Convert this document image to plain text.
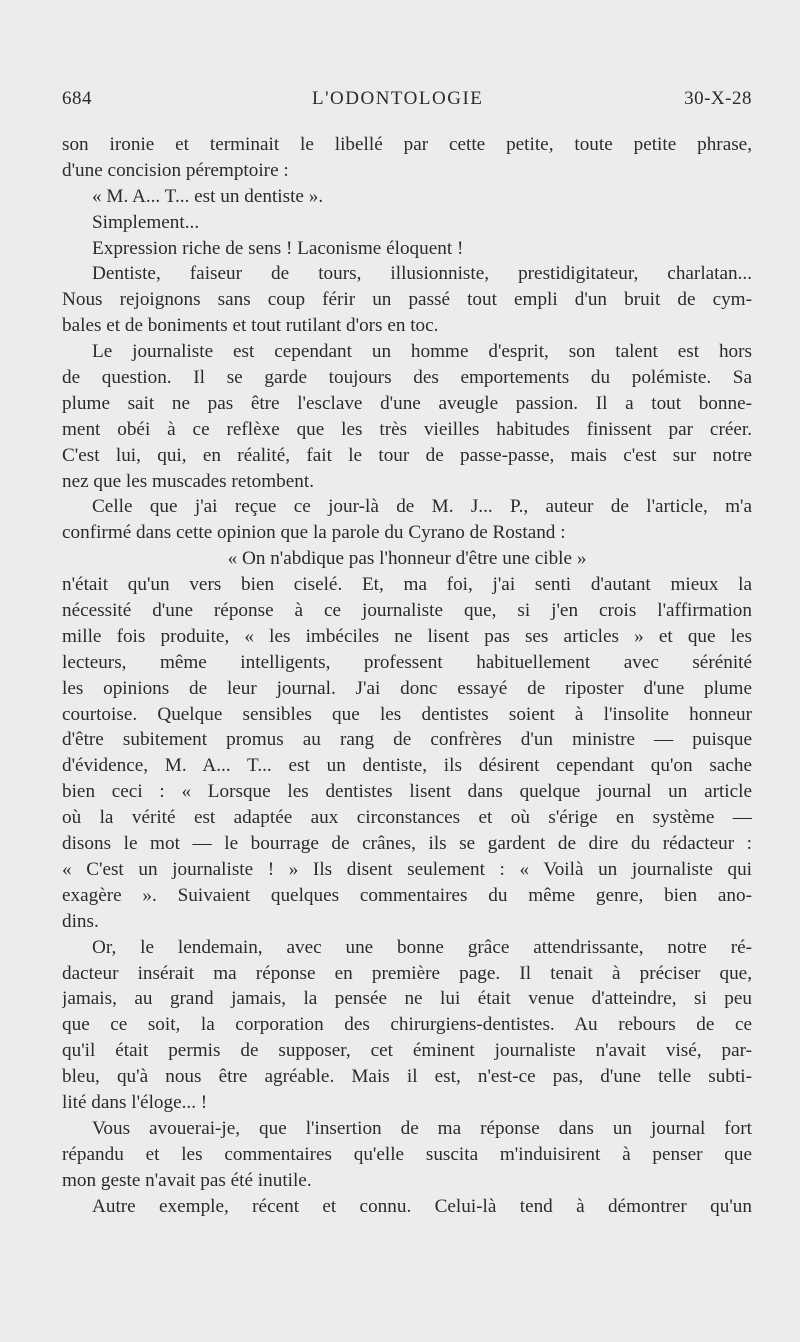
684	L'ODONTOLOGIE	30-X-28
son ironie et terminait le libellé par cette petite, toute petite phrase,
d'une concision péremptoire :
« M. A... T... est un dentiste ».
Simplement...
Expression riche de sens ! Laconisme éloquent !
Dentiste, faiseur de tours, illusionniste, prestidigitateur, charlatan...
Nous rejoignons sans coup férir un passé tout empli d'un bruit de cym-
bales et de boniments et tout rutilant d'ors en toc.
Le journaliste est cependant un homme d'esprit, son talent est hors
de question. Il se garde toujours des emportements du polémiste. Sa
plume sait ne pas être l'esclave d'une aveugle passion. Il a tout bonne-
ment obéi à ce reflèxe que les très vieilles habitudes finissent par créer.
C'est lui, qui, en réalité, fait le tour de passe-passe, mais c'est sur notre
nez que les muscades retombent.
Celle que j'ai reçue ce jour-là de M. J... P., auteur de l'article, m'a
confirmé dans cette opinion que la parole du Cyrano de Rostand :
« On n'abdique pas l'honneur d'être une cible »
n'était qu'un vers bien ciselé. Et, ma foi, j'ai senti d'autant mieux la
nécessité d'une réponse à ce journaliste que, si j'en crois l'affirmation
mille fois produite, « les imbéciles ne lisent pas ses articles » et que les
lecteurs, même intelligents, professent habituellement avec sérénité
les opinions de leur journal. J'ai donc essayé de riposter d'une plume
courtoise. Quelque sensibles que les dentistes soient à l'insolite honneur
d'être subitement promus au rang de confrères d'un ministre — puisque
d'évidence, M. A... T... est un dentiste, ils désirent cependant qu'on sache
bien ceci : « Lorsque les dentistes lisent dans quelque journal un article
où la vérité est adaptée aux circonstances et où s'érige en système —
disons le mot — le bourrage de crânes, ils se gardent de dire du rédacteur :
« C'est un journaliste ! » Ils disent seulement : « Voilà un journaliste qui
exagère ». Suivaient quelques commentaires du même genre, bien ano-
dins.
Or, le lendemain, avec une bonne grâce attendrissante, notre ré-
dacteur insérait ma réponse en première page. Il tenait à préciser que,
jamais, au grand jamais, la pensée ne lui était venue d'atteindre, si peu
que ce soit, la corporation des chirurgiens-dentistes. Au rebours de ce
qu'il était permis de supposer, cet éminent journaliste n'avait visé, par-
bleu, qu'à nous être agréable. Mais il est, n'est-ce pas, d'une telle subti-
lité dans l'éloge... !
Vous avouerai-je, que l'insertion de ma réponse dans un journal fort
répandu et les commentaires qu'elle suscita m'induisirent à penser que
mon geste n'avait pas été inutile.
Autre exemple, récent et connu. Celui-là tend à démontrer qu'un
